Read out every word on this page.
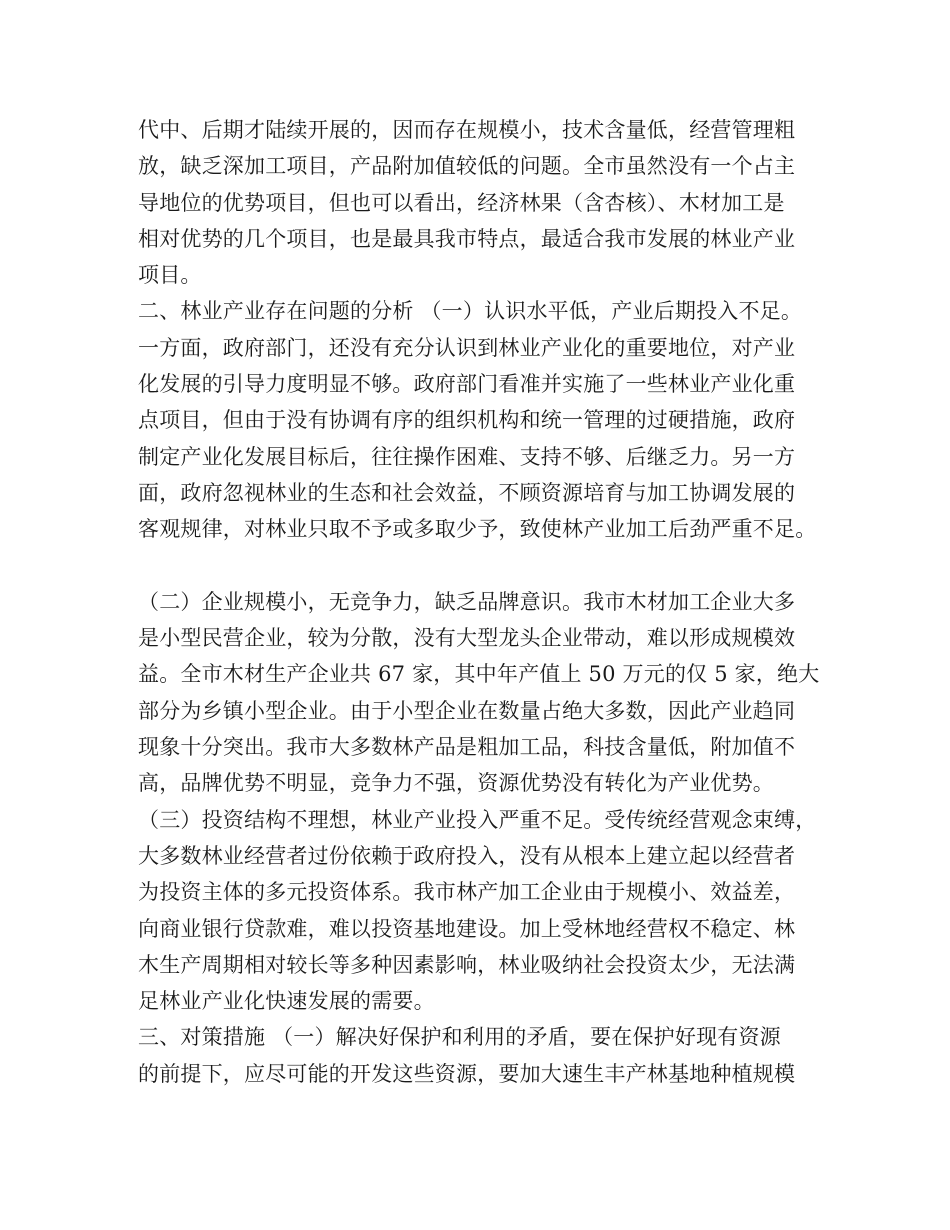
代中、后期才陆续开展的，因而存在规模小，技术含量低，经营管理粗
放，缺乏深加工项目，产品附加值较低的问题。全市虽然没有一个占主
导地位的优势项目，但也可以看出，经济林果（含杏核）、木材加工是
相对优势的几个项目，也是最具我市特点，最适合我市发展的林业产业
项目。
二、林业产业存在问题的分析 （一）认识水平低，产业后期投入不足。
一方面，政府部门，还没有充分认识到林业产业化的重要地位，对产业
化发展的引导力度明显不够。政府部门看准并实施了一些林业产业化重
点项目，但由于没有协调有序的组织机构和统一管理的过硬措施，政府
制定产业化发展目标后，往往操作困难、支持不够、后继乏力。另一方
面，政府忽视林业的生态和社会效益，不顾资源培育与加工协调发展的
客观规律，对林业只取不予或多取少予，致使林产业加工后劲严重不足。
（二）企业规模小，无竞争力，缺乏品牌意识。我市木材加工企业大多
是小型民营企业，较为分散，没有大型龙头企业带动，难以形成规模效
益。全市木材生产企业共 67 家，其中年产值上 50 万元的仅 5 家，绝大
部分为乡镇小型企业。由于小型企业在数量占绝大多数，因此产业趋同
现象十分突出。我市大多数林产品是粗加工品，科技含量低，附加值不
高，品牌优势不明显，竞争力不强，资源优势没有转化为产业优势。
（三）投资结构不理想，林业产业投入严重不足。受传统经营观念束缚，
大多数林业经营者过份依赖于政府投入，没有从根本上建立起以经营者
为投资主体的多元投资体系。我市林产加工企业由于规模小、效益差，
向商业银行贷款难，难以投资基地建设。加上受林地经营权不稳定、林
木生产周期相对较长等多种因素影响，林业吸纳社会投资太少，无法满
足林业产业化快速发展的需要。
三、对策措施 （一）解决好保护和利用的矛盾，要在保护好现有资源
的前提下，应尽可能的开发这些资源，要加大速生丰产林基地种植规模
